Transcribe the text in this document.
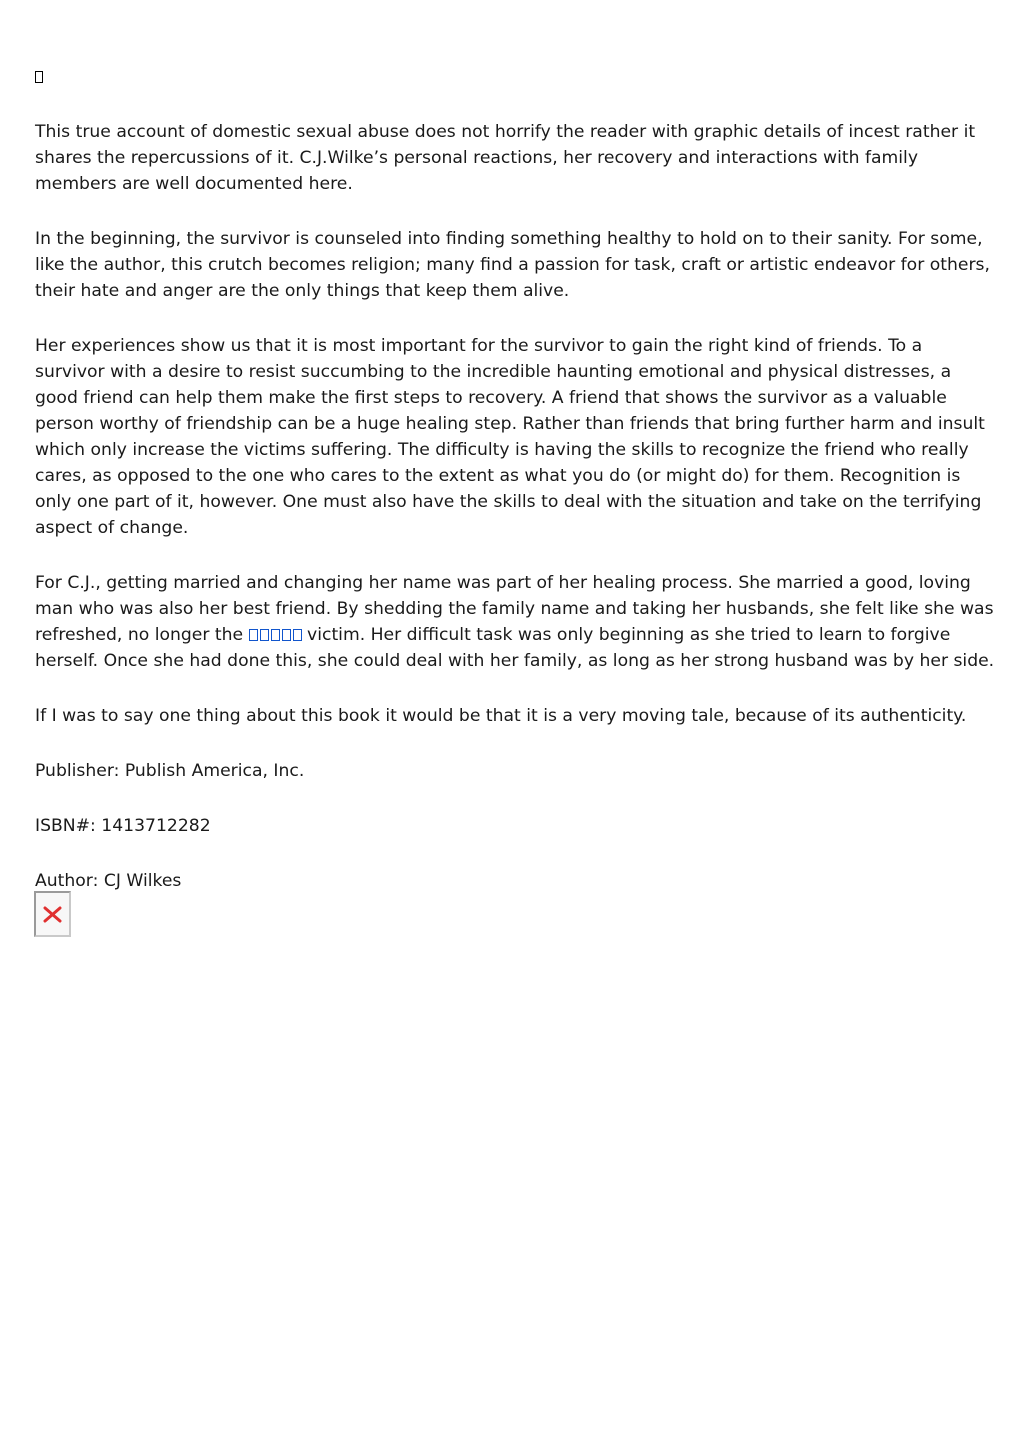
This true account of domestic sexual abuse does not horrify the reader with graphic details of incest rather it shares the repercussions of it. C.J.Wilke’s personal reactions, her recovery and interactions with family members are well documented here.

In the beginning, the survivor is counseled into finding something healthy to hold on to their sanity. For some, like the author, this crutch becomes religion; many find a passion for task, craft or artistic endeavor for others, their hate and anger are the only things that keep them alive.

Her experiences show us that it is most important for the survivor to gain the right kind of friends. To a survivor with a desire to resist succumbing to the incredible haunting emotional and physical distresses, a good friend can help them make the first steps to recovery. A friend that shows the survivor as a valuable person worthy of friendship can be a huge healing step. Rather than friends that bring further harm and insult which only increase the victims suffering. The difficulty is having the skills to recognize the friend who really cares, as opposed to the one who cares to the extent as what you do (or might do) for them. Recognition is only one part of it, however. One must also have the skills to deal with the situation and take on the terrifying aspect of change.

For C.J., getting married and changing her name was part of her healing process. She married a good, loving man who was also her best friend. By shedding the family name and taking her husbands, she felt like she was refreshed, no longer the	victim. Her difficult task was only beginning as she tried to learn to forgive herself. Once she had done this, she could deal with her family, as long as her strong husband was by her side.

If I was to say one thing about this book it would be that it is a very moving tale, because of its authenticity.

Publisher: Publish America, Inc.

ISBN#: 1413712282

Author: CJ Wilkes
